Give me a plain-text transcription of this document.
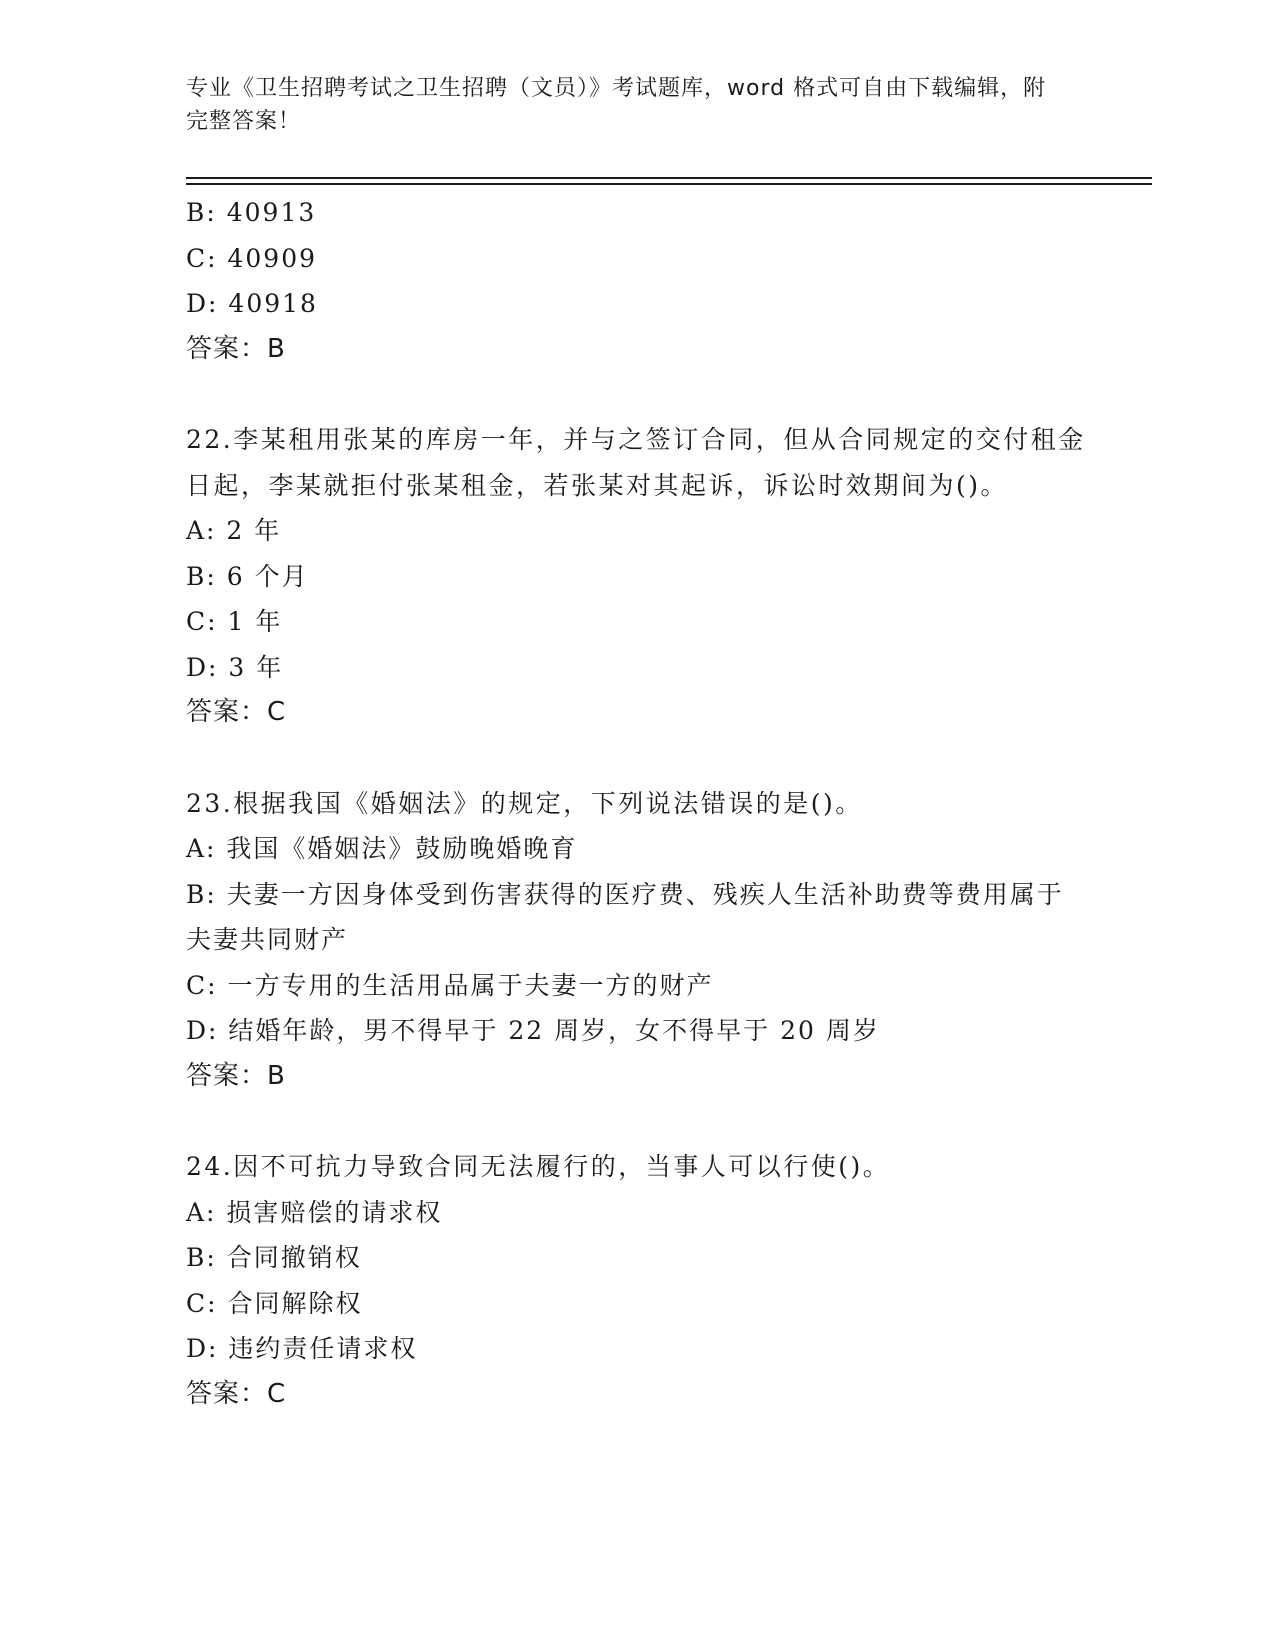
专业《卫生招聘考试之卫生招聘（文员）》考试题库，word 格式可自由下载编辑，附完整答案！
B: 40913
C: 40909
D: 40918
答案：B
22.李某租用张某的库房一年，并与之签订合同，但从合同规定的交付租金日起，李某就拒付张某租金，若张某对其起诉，诉讼时效期间为()。
A: 2 年
B: 6 个月
C: 1 年
D: 3 年
答案：C
23.根据我国《婚姻法》的规定，下列说法错误的是()。
A: 我国《婚姻法》鼓励晚婚晚育
B: 夫妻一方因身体受到伤害获得的医疗费、残疾人生活补助费等费用属于夫妻共同财产
C: 一方专用的生活用品属于夫妻一方的财产
D: 结婚年龄，男不得早于 22 周岁，女不得早于 20 周岁
答案：B
24.因不可抗力导致合同无法履行的，当事人可以行使()。
A: 损害赔偿的请求权
B: 合同撤销权
C: 合同解除权
D: 违约责任请求权
答案：C
